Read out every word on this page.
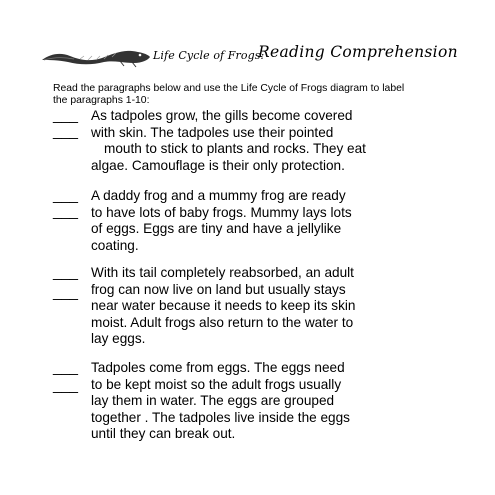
Life Cycle of Frogs:
Reading Comprehension
Read the paragraphs below and use the Life Cycle of Frogs diagram to label
the paragraphs 1-10:
___
___
As tadpoles grow, the gills become covered
with skin. The tadpoles use their pointed
mouth to stick to plants and rocks. They eat
algae. Camouflage is their only protection.
___
___
A daddy frog and a mummy frog are ready
to have lots of baby frogs. Mummy lays lots
of eggs. Eggs are tiny and have a jellylike
coating.
___
___
With its tail completely reabsorbed, an adult
frog can now live on land but usually stays
near water because it needs to keep its skin
moist. Adult frogs also return to the water to
lay eggs.
___
___
Tadpoles come from eggs. The eggs need
to be kept moist so the adult frogs usually
lay them in water. The eggs are grouped
together . The tadpoles live inside the eggs
until they can break out.
